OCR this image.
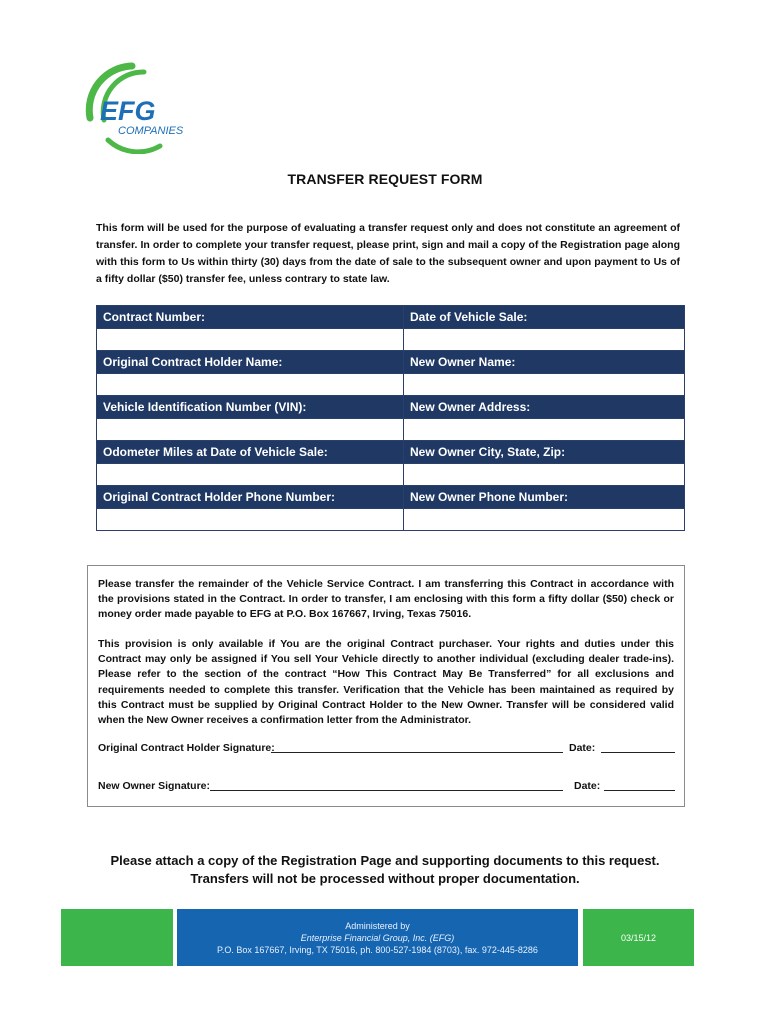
EFG
COMPANIES
TRANSFER REQUEST FORM
This form will be used for the purpose of evaluating a transfer request only and does not constitute an agreement of transfer. In order to complete your transfer request, please print, sign and mail a copy of the Registration page along with this form to Us within thirty (30) days from the date of sale to the subsequent owner and upon payment to Us of a fifty dollar ($50) transfer fee, unless contrary to state law.
Contract Number:	Date of Vehicle Sale:

Original Contract Holder Name:	New Owner Name:

Vehicle Identification Number (VIN):	New Owner Address:

Odometer Miles at Date of Vehicle Sale:	New Owner City, State, Zip:

Original Contract Holder Phone Number:	New Owner Phone Number:

Please transfer the remainder of the Vehicle Service Contract. I am transferring this Contract in accordance with the provisions stated in the Contract. In order to transfer, I am enclosing with this form a fifty dollar ($50) check or money order made payable to EFG at P.O. Box 167667, Irving, Texas 75016.

This provision is only available if You are the original Contract purchaser. Your rights and duties under this Contract may only be assigned if You sell Your Vehicle directly to another individual (excluding dealer trade-ins). Please refer to the section of the contract “How This Contract May Be Transferred” for all exclusions and requirements needed to complete this transfer. Verification that the Vehicle has been maintained as required by this Contract must be supplied by Original Contract Holder to the New Owner. Transfer will be considered valid when the New Owner receives a confirmation letter from the Administrator.

Original Contract Holder Signature:	Date:
New Owner Signature:	Date:
Please attach a copy of the Registration Page and supporting documents to this request.
Transfers will not be processed without proper documentation.
Administered by
Enterprise Financial Group, Inc. (EFG)
P.O. Box 167667, Irving, TX 75016, ph. 800-527-1984 (8703), fax. 972-445-8286
03/15/12
